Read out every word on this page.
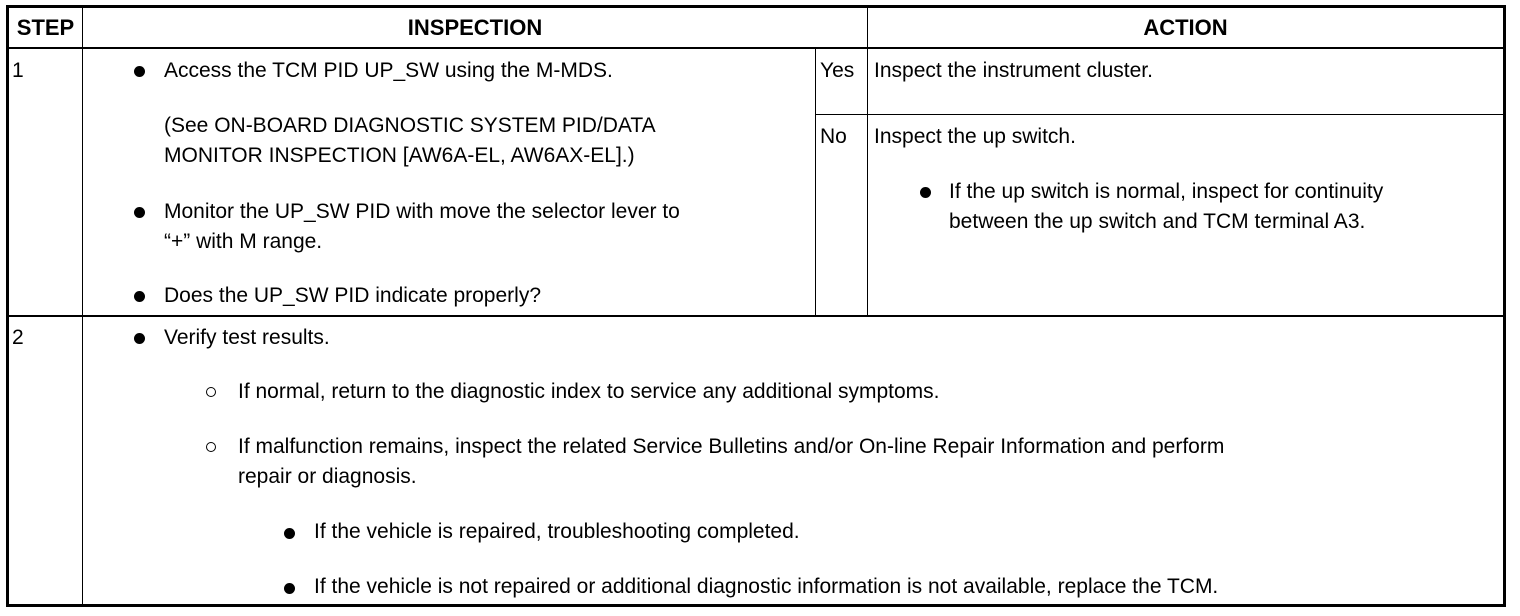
STEP	INSPECTION	ACTION
1	Access the TCM PID UP_SW using the M-MDS.
(See ON-BOARD DIAGNOSTIC SYSTEM PID/DATA
MONITOR INSPECTION [AW6A-EL, AW6AX-EL].)
Monitor the UP_SW PID with move the selector lever to
“+” with M range.
Does the UP_SW PID indicate properly?
Yes Inspect the instrument cluster.
No Inspect the up switch.
If the up switch is normal, inspect for continuity
between the up switch and TCM terminal A3.
2	Verify test results.
If normal, return to the diagnostic index to service any additional symptoms.
If malfunction remains, inspect the related Service Bulletins and/or On-line Repair Information and perform
repair or diagnosis.
If the vehicle is repaired, troubleshooting completed.
If the vehicle is not repaired or additional diagnostic information is not available, replace the TCM.
